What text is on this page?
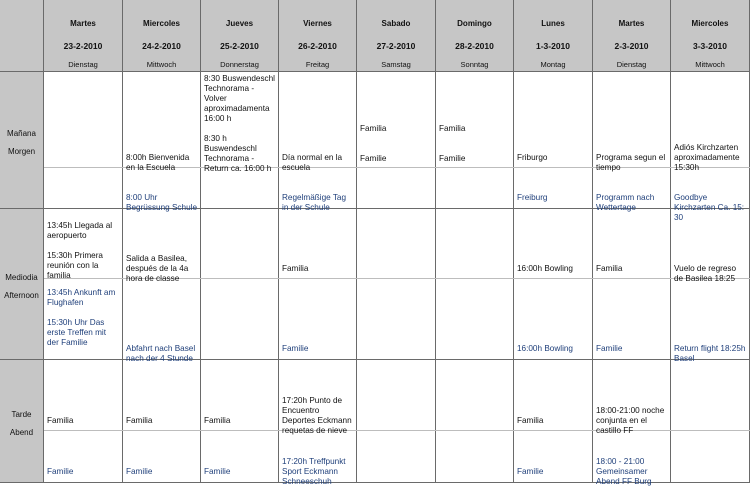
Martes
23-2-2010
Dienstag
Miercoles
24-2-2010
Mittwoch
Jueves
25-2-2010
Donnerstag
Viernes
26-2-2010
Freitag
Sabado
27-2-2010
Samstag
Domingo
28-2-2010
Sonntag
Lunes
1-3-2010
Montag
Martes
2-3-2010
Dienstag
Miercoles
3-3-2010
Mittwoch
Mañana
Morgen
8:00h Bienvenida en la Escuela
8:00 Uhr Begrüssung Schule
8:30 Buswendeschl Technorama - Volver aproximadamenta 16:00 h

8:30 h Buswendeschl Technorama - Return ca. 16:00 h
Día normal en la escuela
Regelmäßige Tag in der Schule
Familia

Familie
Familia

Familie	Friburgo
Freiburg
Programa segun el tiempo
Programm nach Wettertage
Adiós Kirchzarten aproximadamente 15:30h
Goodbye Kirchzarten Ca. 15: 30
Mediodia
Afternoon
13:45h Llegada al aeropuerto

15:30h Primera reunión con la familia
13:45h Ankunft am Flughafen

15:30h Uhr Das erste Treffen mit der Familie
Salida a Basilea, después de la 4a hora de classe
Abfahrt nach Basel nach der 4 Stunde
Familia
Familie
16:00h Bowling
16:00h Bowling
Familia
Familie
Vuelo de regreso de Basilea 18:25
Return flight 18:25h Basel
Tarde
Abend
Familia
Familie
Familia
Familie
Familia
Familie
17:20h Punto de Encuentro Deportes Eckmann requetas de nieve
17:20h Treffpunkt Sport Eckmann Schneeschuh
Familia
Familie
18:00-21:00 noche conjunta en el castillo FF
18:00 - 21:00 Gemeinsamer Abend FF Burg
